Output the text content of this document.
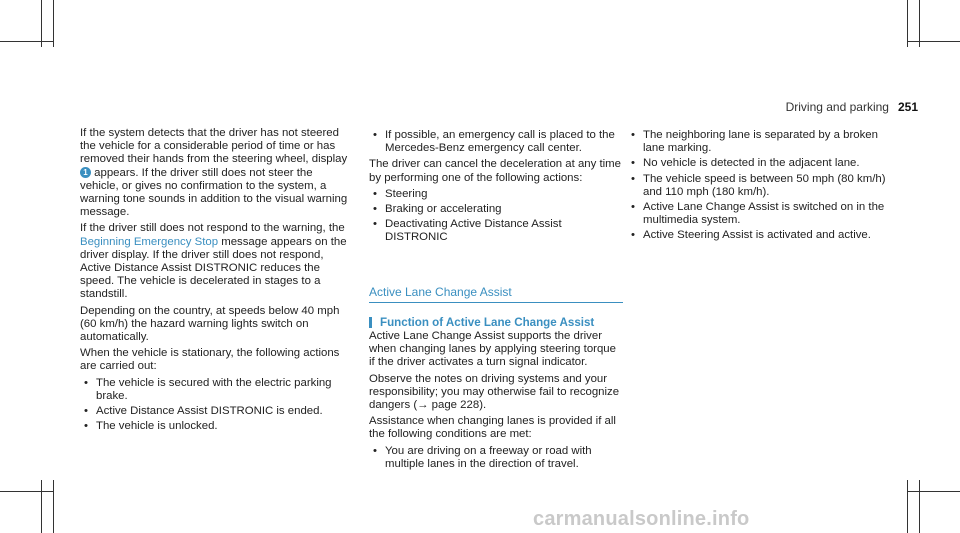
Driving and parking 251

If the system detects that the driver has not steered the vehicle for a considerable period of time or has removed their hands from the steering wheel, display 1 appears. If the driver still does not steer the vehicle, or gives no confirmation to the system, a warning tone sounds in addition to the visual warning message.

If the driver still does not respond to the warning, the Beginning Emergency Stop message appears on the driver display. If the driver still does not respond, Active Distance Assist DISTRONIC reduces the speed. The vehicle is decelerated in stages to a standstill.

Depending on the country, at speeds below 40 mph (60 km/h) the hazard warning lights switch on automatically.

When the vehicle is stationary, the following actions are carried out:

• The vehicle is secured with the electric parking brake.
• Active Distance Assist DISTRONIC is ended.
• The vehicle is unlocked.
• If possible, an emergency call is placed to the Mercedes-Benz emergency call center.

The driver can cancel the deceleration at any time by performing one of the following actions:

• Steering
• Braking or accelerating
• Deactivating Active Distance Assist DISTRONIC
Active Lane Change Assist
Function of Active Lane Change Assist

Active Lane Change Assist supports the driver when changing lanes by applying steering torque if the driver activates a turn signal indicator.

Observe the notes on driving systems and your responsibility; you may otherwise fail to recognize dangers (→ page 228).

Assistance when changing lanes is provided if all the following conditions are met:

• You are driving on a freeway or road with multiple lanes in the direction of travel.
• The neighboring lane is separated by a broken lane marking.
• No vehicle is detected in the adjacent lane.
• The vehicle speed is between 50 mph (80 km/h) and 110 mph (180 km/h).
• Active Lane Change Assist is switched on in the multimedia system.
• Active Steering Assist is activated and active.
carmanualsonline.info
